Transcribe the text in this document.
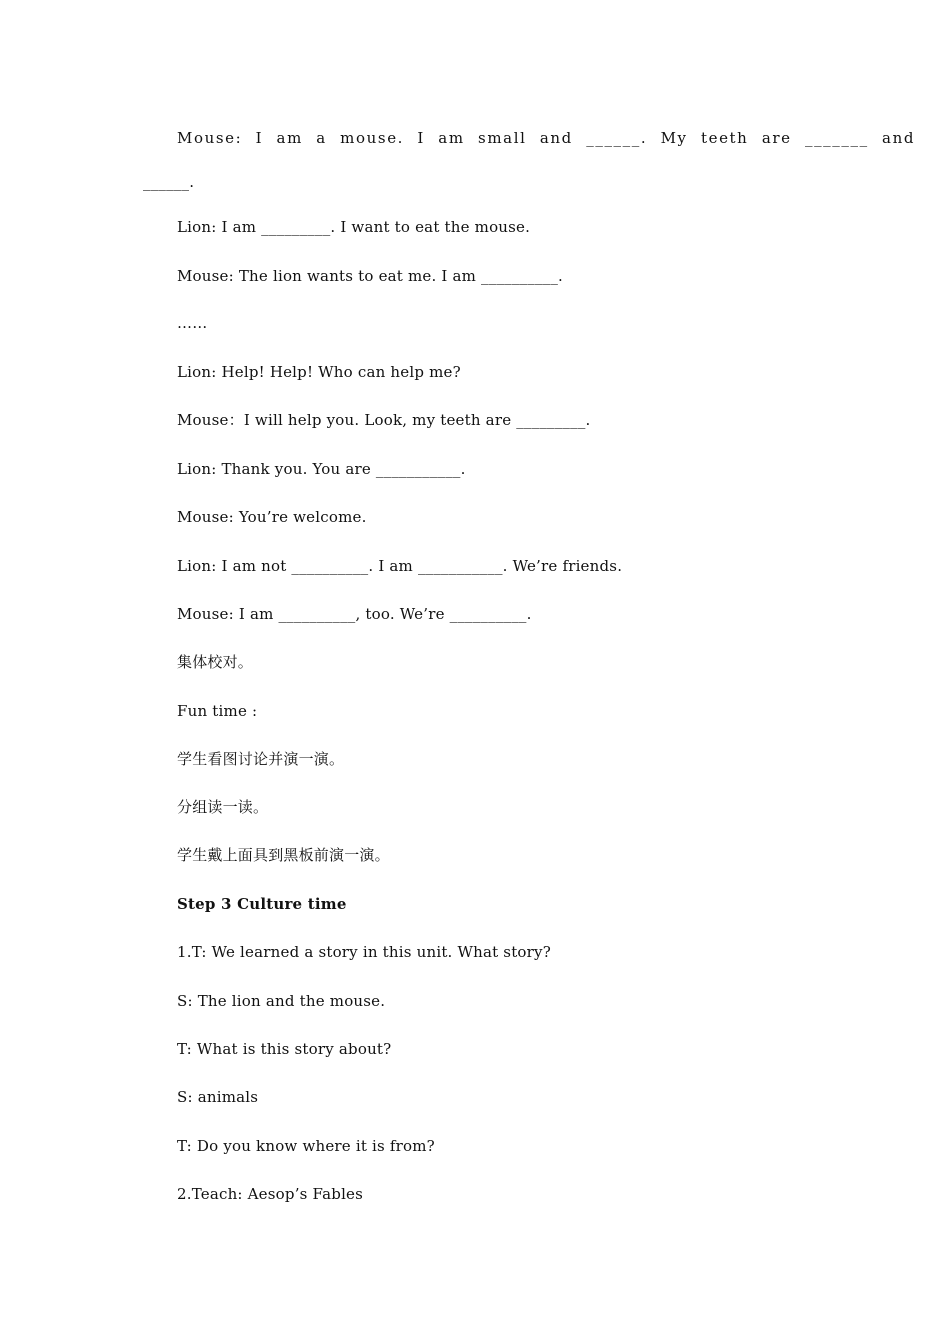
Mouse: I am a mouse. I am small and ______. My teeth are _______ and
______.
Lion: I am _________. I want to eat the mouse.
Mouse: The lion wants to eat me. I am __________.
……
Lion: Help! Help! Who can help me?
Mouse：I will help you. Look, my teeth are _________.
Lion: Thank you. You are ___________.
Mouse: You’re welcome.
Lion: I am not __________. I am ___________. We’re friends.
Mouse: I am __________, too. We’re __________.
集体校对。
Fun time :
学生看图讨论并演一演。
分组读一读。
学生戴上面具到黑板前演一演。
Step 3 Culture time
1.T: We learned a story in this unit. What story?
S: The lion and the mouse.
T: What is this story about?
S: animals
T: Do you know where it is from?
2.Teach: Aesop’s Fables
